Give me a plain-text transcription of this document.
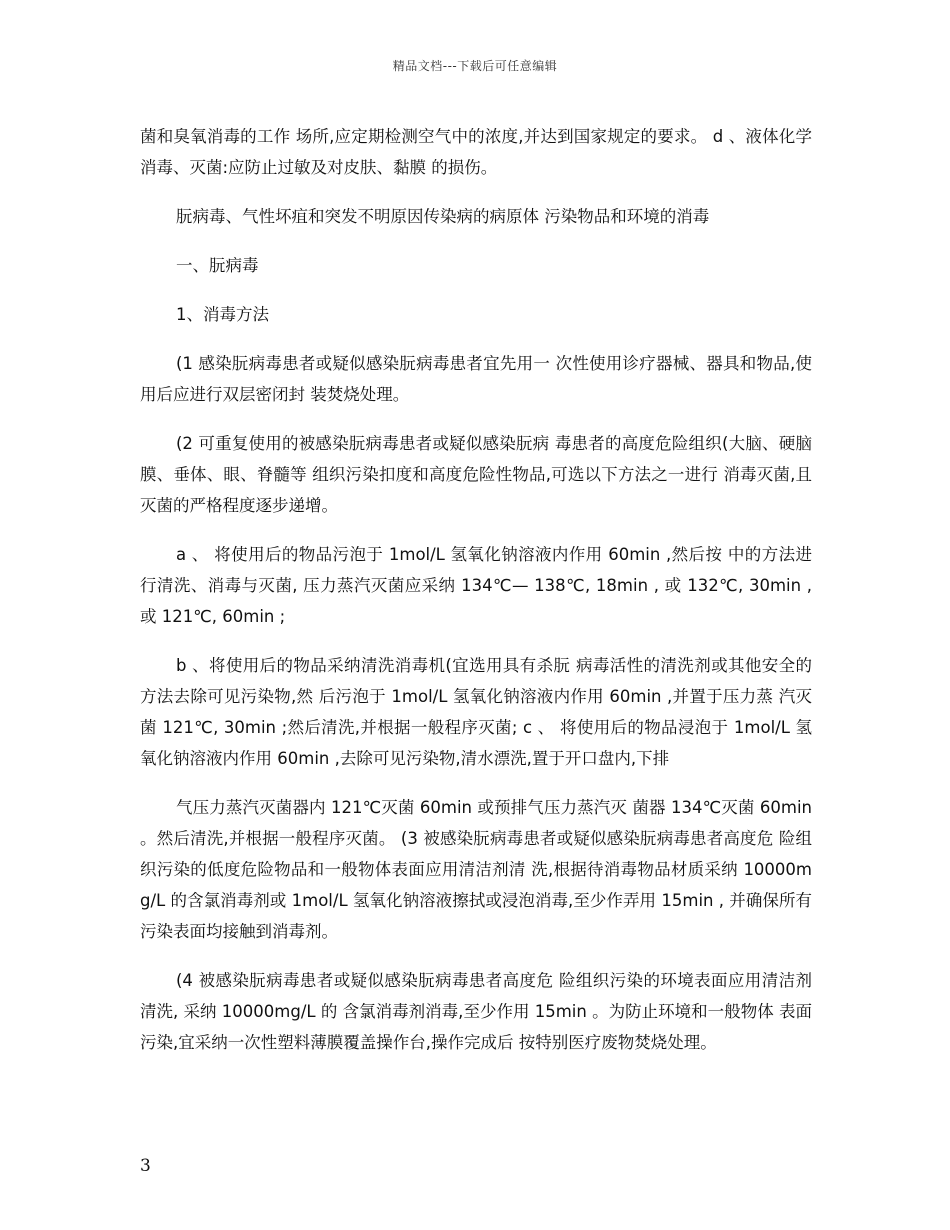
精品文档---下载后可任意编辑

菌和臭氧消毒的工作 场所,应定期检测空气中的浓度,并达到国家规定的要求。 d 、液体化学消毒、灭菌:应防止过敏及对皮肤、黏膜 的损伤。

朊病毒、气性坏疽和突发不明原因传染病的病原体 污染物品和环境的消毒

一、朊病毒

1、消毒方法

(1 感染朊病毒患者或疑似感染朊病毒患者宜先用一 次性使用诊疗器械、器具和物品,使用后应进行双层密闭封 装焚烧处理。

(2 可重复使用的被感染朊病毒患者或疑似感染朊病 毒患者的高度危险组织(大脑、硬脑膜、垂体、眼、脊髓等 组织污染扣度和高度危险性物品,可选以下方法之一进行 消毒灭菌,且灭菌的严格程度逐步递增。

a 、 将使用后的物品污泡于 1mol/L 氢氧化钠溶液内作用 60min ,然后按 中的方法进行清洗、消毒与灭菌, 压力蒸汽灭菌应采纳 134℃— 138℃, 18min , 或 132℃, 30min , 或 121℃, 60min ;

b 、将使用后的物品采纳清洗消毒机(宜选用具有杀朊 病毒活性的清洗剂或其他安全的方法去除可见污染物,然 后污泡于 1mol/L 氢氧化钠溶液内作用 60min ,并置于压力蒸 汽灭菌 121℃, 30min ;然后清洗,并根据一般程序灭菌; c 、 将使用后的物品浸泡于 1mol/L 氢氧化钠溶液内作用 60min ,去除可见污染物,清水漂洗,置于开口盘内,下排

气压力蒸汽灭菌器内 121℃灭菌 60min 或预排气压力蒸汽灭 菌器 134℃灭菌 60min 。然后清洗,并根据一般程序灭菌。 (3 被感染朊病毒患者或疑似感染朊病毒患者高度危 险组织污染的低度危险物品和一般物体表面应用清洁剂清 洗,根据待消毒物品材质采纳 10000mg/L 的含氯消毒剂或 1mol/L 氢氧化钠溶液擦拭或浸泡消毒,至少作弄用 15min , 并确保所有污染表面均接触到消毒剂。

(4 被感染朊病毒患者或疑似感染朊病毒患者高度危 险组织污染的环境表面应用清洁剂清洗, 采纳 10000mg/L 的 含氯消毒剂消毒,至少作用 15min 。为防止环境和一般物体 表面污染,宜采纳一次性塑料薄膜覆盖操作台,操作完成后 按特别医疗废物焚烧处理。

3
